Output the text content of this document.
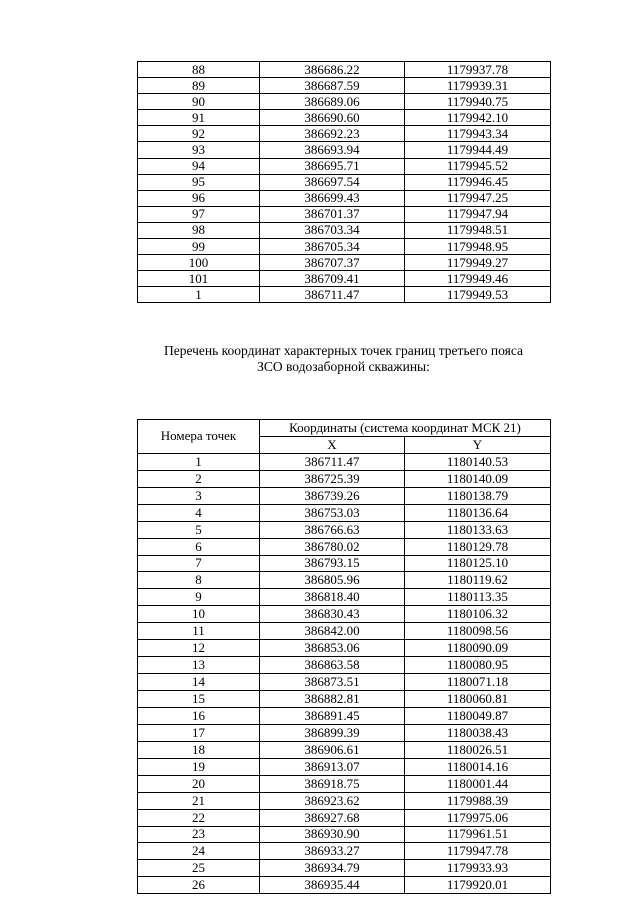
88	386686.22	1179937.78
89	386687.59	1179939.31
90	386689.06	1179940.75
91	386690.60	1179942.10
92	386692.23	1179943.34
93	386693.94	1179944.49
94	386695.71	1179945.52
95	386697.54	1179946.45
96	386699.43	1179947.25
97	386701.37	1179947.94
98	386703.34	1179948.51
99	386705.34	1179948.95
100	386707.37	1179949.27
101	386709.41	1179949.46
1	386711.47	1179949.53
Перечень координат характерных точек границ третьего пояса
ЗСО водозаборной скважины:
Номера точек	Координаты (система координат МСК 21)	
	X	Y
1	386711.47	1180140.53
2	386725.39	1180140.09
3	386739.26	1180138.79
4	386753.03	1180136.64
5	386766.63	1180133.63
6	386780.02	1180129.78
7	386793.15	1180125.10
8	386805.96	1180119.62
9	386818.40	1180113.35
10	386830.43	1180106.32
11	386842.00	1180098.56
12	386853.06	1180090.09
13	386863.58	1180080.95
14	386873.51	1180071.18
15	386882.81	1180060.81
16	386891.45	1180049.87
17	386899.39	1180038.43
18	386906.61	1180026.51
19	386913.07	1180014.16
20	386918.75	1180001.44
21	386923.62	1179988.39
22	386927.68	1179975.06
23	386930.90	1179961.51
24	386933.27	1179947.78
25	386934.79	1179933.93
26	386935.44	1179920.01
